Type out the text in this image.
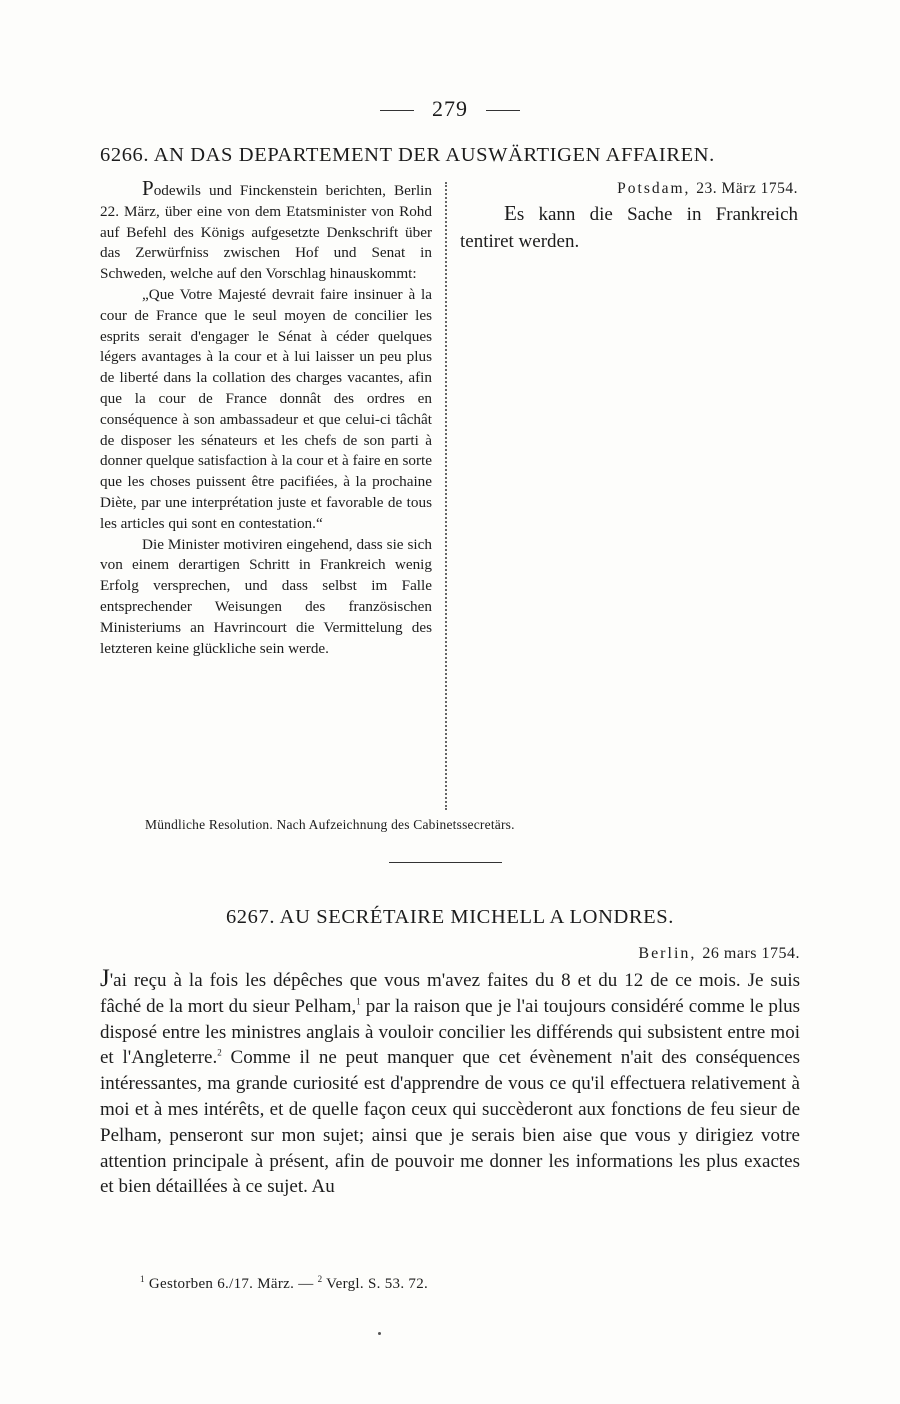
279
6266. AN DAS DEPARTEMENT DER AUSWÄRTIGEN AFFAIREN.

Podewils und Finckenstein berichten, Berlin 22. März, über eine von dem Etatsminister von Rohd auf Befehl des Königs aufgesetzte Denkschrift über das Zerwürfniss zwischen Hof und Senat in Schweden, welche auf den Vorschlag hinauskommt:

„Que Votre Majesté devrait faire insinuer à la cour de France que le seul moyen de concilier les esprits serait d'engager le Sénat à céder quelques légers avantages à la cour et à lui laisser un peu plus de liberté dans la collation des charges vacantes, afin que la cour de France donnât des ordres en conséquence à son ambassadeur et que celui-ci tâchât de disposer les sénateurs et les chefs de son parti à donner quelque satisfaction à la cour et à faire en sorte que les choses puissent être pacifiées, à la prochaine Diète, par une interprétation juste et favorable de tous les articles qui sont en contestation.“

Die Minister motiviren eingehend, dass sie sich von einem derartigen Schritt in Frankreich wenig Erfolg versprechen, und dass selbst im Falle entsprechender Weisungen des französischen Ministeriums an Havrincourt die Vermittelung des letzteren keine glückliche sein werde.

Potsdam, 23. März 1754.
Es kann die Sache in Frankreich tentiret werden.
Mündliche Resolution. Nach Aufzeichnung des Cabinetssecretärs.
6267. AU SECRÉTAIRE MICHELL A LONDRES.
Berlin, 26 mars 1754.
J'ai reçu à la fois les dépêches que vous m'avez faites du 8 et du 12 de ce mois. Je suis fâché de la mort du sieur Pelham,$^1$ par la raison que je l'ai toujours considéré comme le plus disposé entre les ministres anglais à vouloir concilier les différends qui subsistent entre moi et l'Angleterre.$^2$ Comme il ne peut manquer que cet évènement n'ait des conséquences intéressantes, ma grande curiosité est d'apprendre de vous ce qu'il effectuera relativement à moi et à mes intérêts, et de quelle façon ceux qui succèderont aux fonctions de feu sieur de Pelham, penseront sur mon sujet; ainsi que je serais bien aise que vous y dirigiez votre attention principale à présent, afin de pouvoir me donner les informations les plus exactes et bien détaillées à ce sujet. Au
$^1$ Gestorben 6./17. März. — $^2$ Vergl. S. 53. 72.
